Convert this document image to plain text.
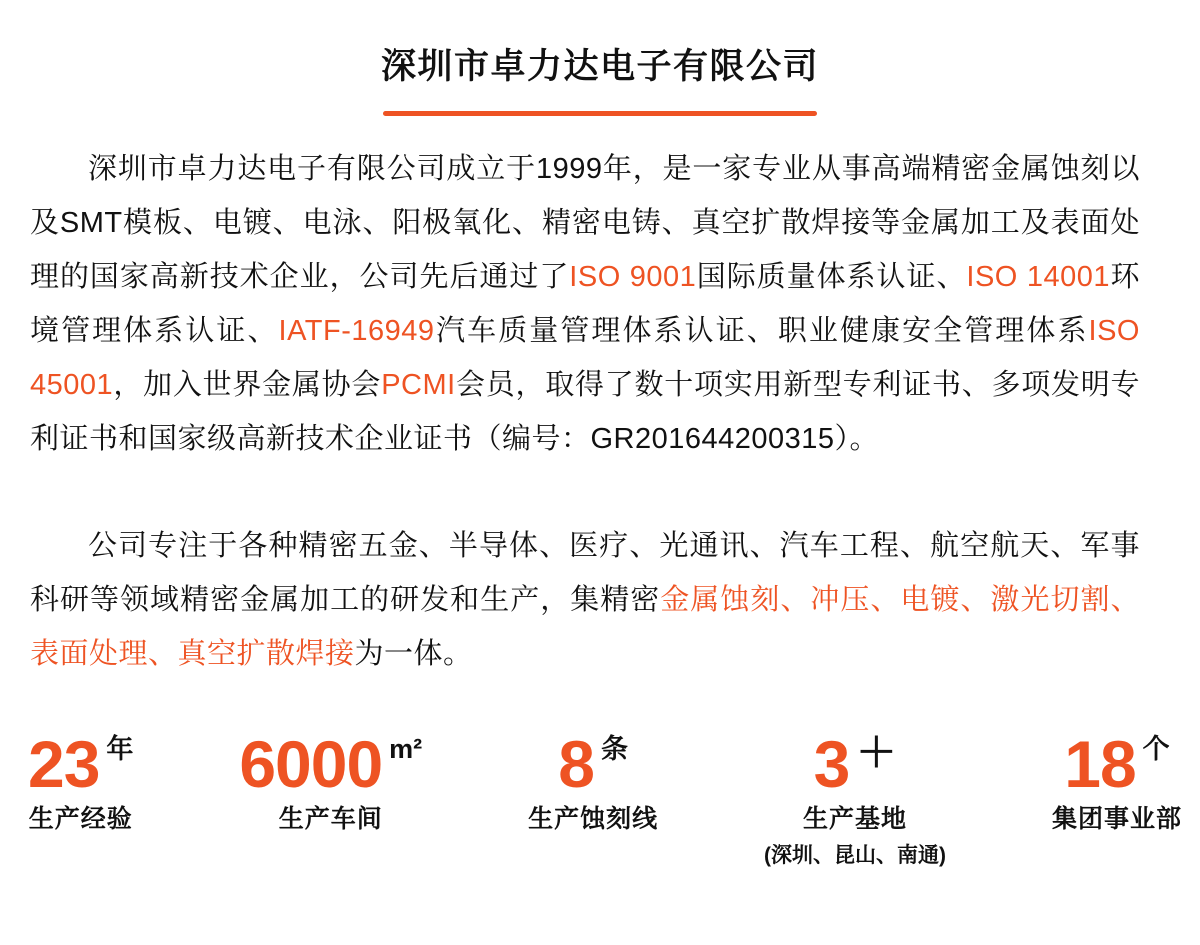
深圳市卓力达电子有限公司

深圳市卓力达电子有限公司成立于1999年，是一家专业从事高端精密金属蚀刻以及SMT模板、电镀、电泳、阳极氧化、精密电铸、真空扩散焊接等金属加工及表面处理的国家高新技术企业，公司先后通过了ISO 9001国际质量体系认证、ISO 14001环境管理体系认证、IATF-16949汽车质量管理体系认证、职业健康安全管理体系ISO 45001，加入世界金属协会PCMI会员，取得了数十项实用新型专利证书、多项发明专利证书和国家级高新技术企业证书（编号：GR201644200315）。

公司专注于各种精密五金、半导体、医疗、光通讯、汽车工程、航空航天、军事科研等领域精密金属加工的研发和生产，集精密金属蚀刻、冲压、电镀、激光切割、表面处理、真空扩散焊接为一体。

23 年
生产经验
6000 m²
生产车间
8 条
生产蚀刻线
3 ＋
生产基地
(深圳、昆山、南通)
18 个
集团事业部
